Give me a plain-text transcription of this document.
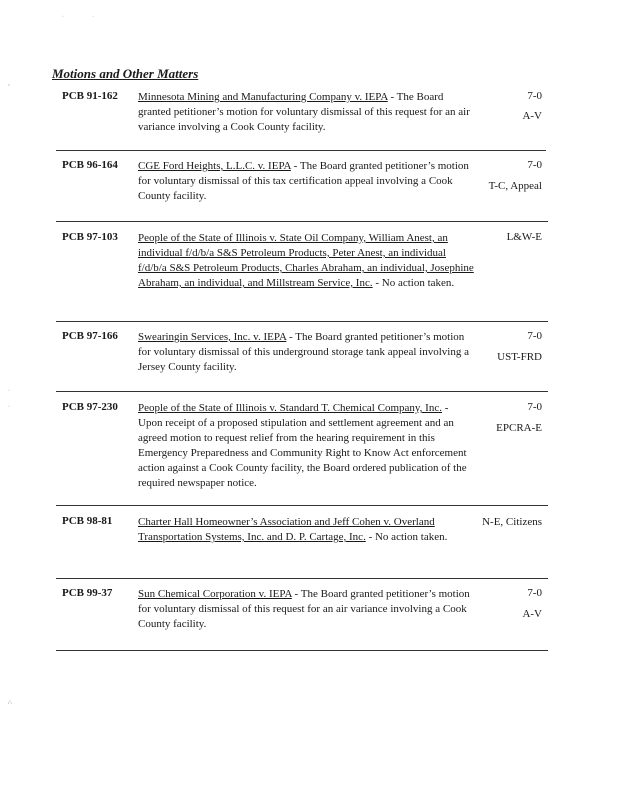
Motions and Other Matters
PCB 91-162 Minnesota Mining and Manufacturing Company v. IEPA - The Board granted petitioner’s motion for voluntary dismissal of this request for an air variance involving a Cook County facility.
7-0
A-V
PCB 96-164 CGE Ford Heights, L.L.C. v. IEPA - The Board granted petitioner’s motion for voluntary dismissal of this tax certification appeal involving a Cook County facility.
7-0
T-C, Appeal
PCB 97-103 People of the State of Illinois v. State Oil Company, William Anest, an individual f/d/b/a S&S Petroleum Products, Peter Anest, an individual f/d/b/a S&S Petroleum Products, Charles Abraham, an individual, Josephine Abraham, an individual, and Millstream Service, Inc. - No action taken.
L&W-E
PCB 97-166 Swearingin Services, Inc. v. IEPA - The Board granted petitioner’s motion for voluntary dismissal of this underground storage tank appeal involving a Jersey County facility.
7-0
UST-FRD
PCB 97-230 People of the State of Illinois v. Standard T. Chemical Company, Inc. - Upon receipt of a proposed stipulation and settlement agreement and an agreed motion to request relief from the hearing requirement in this Emergency Preparedness and Community Right to Know Act enforcement action against a Cook County facility, the Board ordered publication of the required newspaper notice.
7-0
EPCRA-E
PCB 98-81 Charter Hall Homeowner’s Association and Jeff Cohen v. Overland Transportation Systems, Inc. and D. P. Cartage, Inc. - No action taken.
N-E, Citizens
PCB 99-37 Sun Chemical Corporation v. IEPA - The Board granted petitioner’s motion for voluntary dismissal of this request for an air variance involving a Cook County facility.
7-0
A-V
·	·
‘
·
·
∴
